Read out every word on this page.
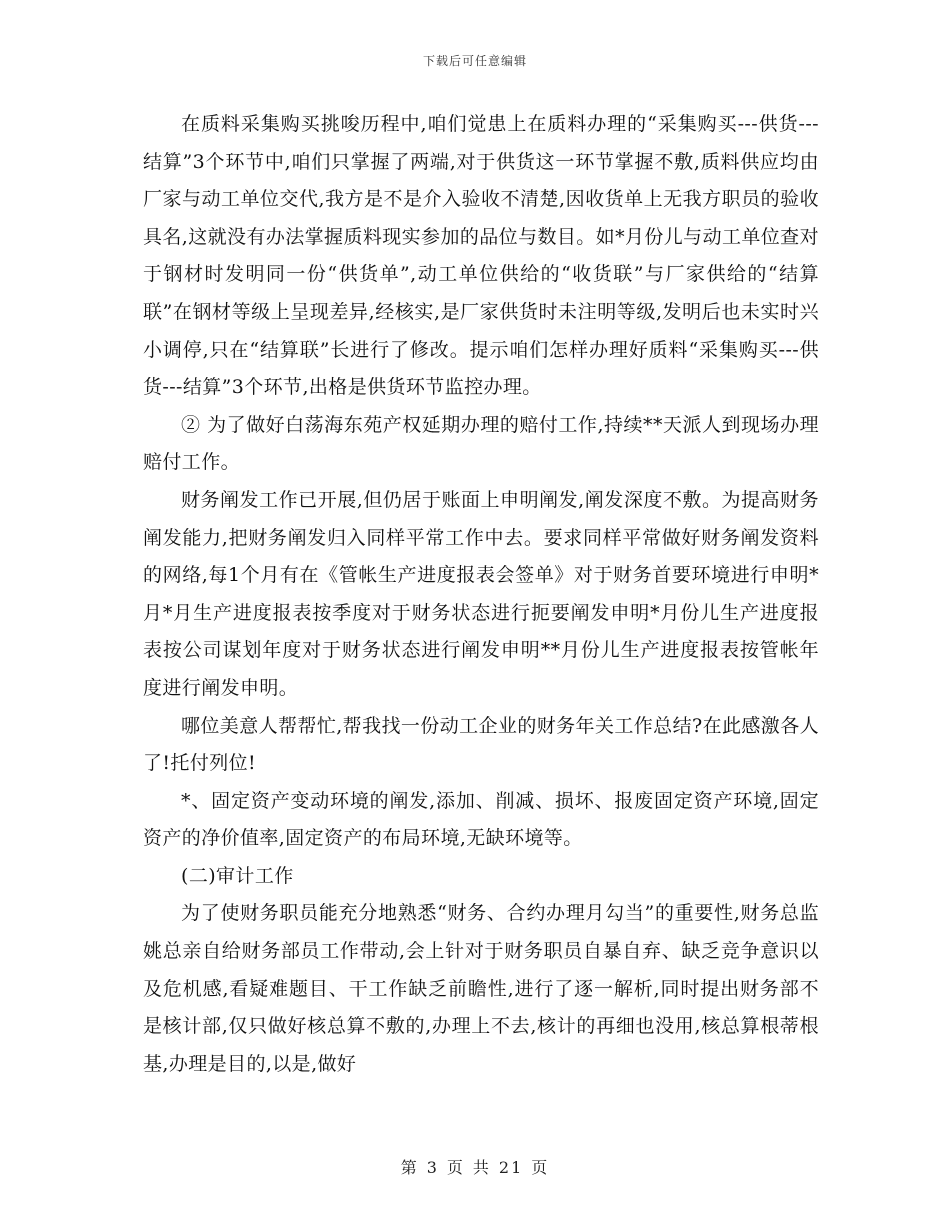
下载后可任意编辑

在质料采集购买挑唆历程中,咱们觉患上在质料办理的“采集购买---供货---结算”3个环节中,咱们只掌握了两端,对于供货这一环节掌握不敷,质料供应均由厂家与动工单位交代,我方是不是介入验收不清楚,因收货单上无我方职员的验收具名,这就没有办法掌握质料现实参加的品位与数目。如*月份儿与动工单位查对于钢材时发明同一份“供货单”,动工单位供给的“收货联”与厂家供给的“结算联”在钢材等级上呈现差异,经核实,是厂家供货时未注明等级,发明后也未实时兴小调停,只在“结算联”长进行了修改。提示咱们怎样办理好质料“采集购买---供货---结算”3个环节,出格是供货环节监控办理。

② 为了做好白荡海东苑产权延期办理的赔付工作,持续**天派人到现场办理赔付工作。

财务阐发工作已开展,但仍居于账面上申明阐发,阐发深度不敷。为提高财务阐发能力,把财务阐发归入同样平常工作中去。要求同样平常做好财务阐发资料的网络,每1个月有在《管帐生产进度报表会签单》对于财务首要环境进行申明*月*月生产进度报表按季度对于财务状态进行扼要阐发申明*月份儿生产进度报表按公司谋划年度对于财务状态进行阐发申明**月份儿生产进度报表按管帐年度进行阐发申明。

哪位美意人帮帮忙,帮我找一份动工企业的财务年关工作总结?在此感激各人了!托付列位!

*、固定资产变动环境的阐发,添加、削减、损坏、报废固定资产环境,固定资产的净价值率,固定资产的布局环境,无缺环境等。

(二)审计工作

为了使财务职员能充分地熟悉“财务、合约办理月勾当”的重要性,财务总监姚总亲自给财务部员工作带动,会上针对于财务职员自暴自弃、缺乏竞争意识以及危机感,看疑难题目、干工作缺乏前瞻性,进行了逐一解析,同时提出财务部不是核计部,仅只做好核总算不敷的,办理上不去,核计的再细也没用,核总算根蒂根基,办理是目的,以是,做好

第 3 页 共 21 页
